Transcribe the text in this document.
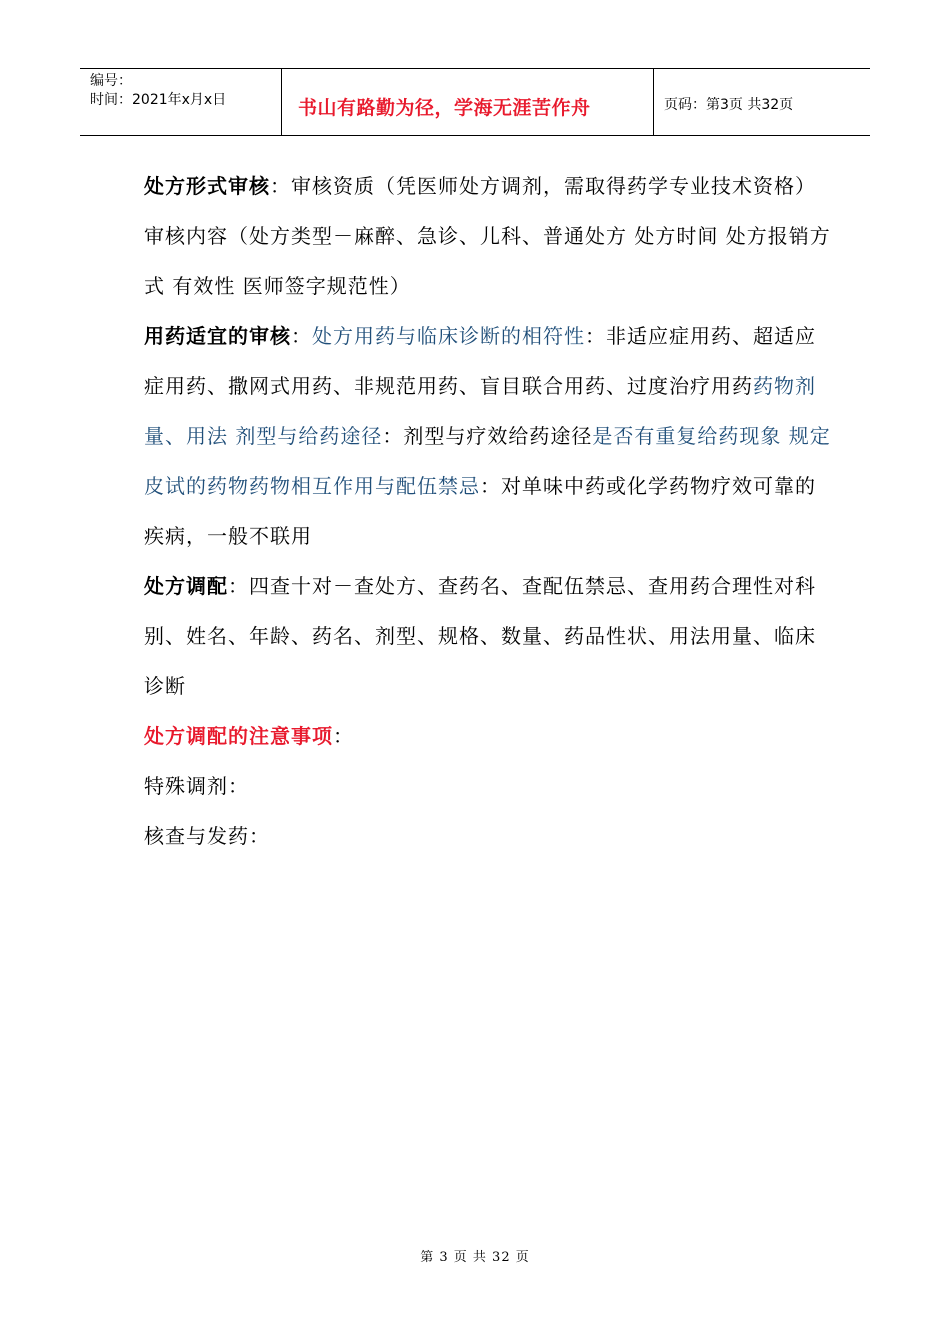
编号：
时间：2021年x月x日	书山有路勤为径，学海无涯苦作舟	页码：第3页 共32页

处方形式审核：审核资质（凭医师处方调剂，需取得药学专业技术资格）审核内容（处方类型－麻醉、急诊、儿科、普通处方 处方时间 处方报销方式 有效性 医师签字规范性）

用药适宜的审核：处方用药与临床诊断的相符性：非适应症用药、超适应症用药、撒网式用药、非规范用药、盲目联合用药、过度治疗用药药物剂量、用法 剂型与给药途径：剂型与疗效给药途径是否有重复给药现象 规定皮试的药物药物相互作用与配伍禁忌：对单味中药或化学药物疗效可靠的疾病，一般不联用

处方调配：四查十对－查处方、查药名、查配伍禁忌、查用药合理性对科别、姓名、年龄、药名、剂型、规格、数量、药品性状、用法用量、临床诊断

处方调配的注意事项：

特殊调剂：

核查与发药：

第 3 页 共 32 页
